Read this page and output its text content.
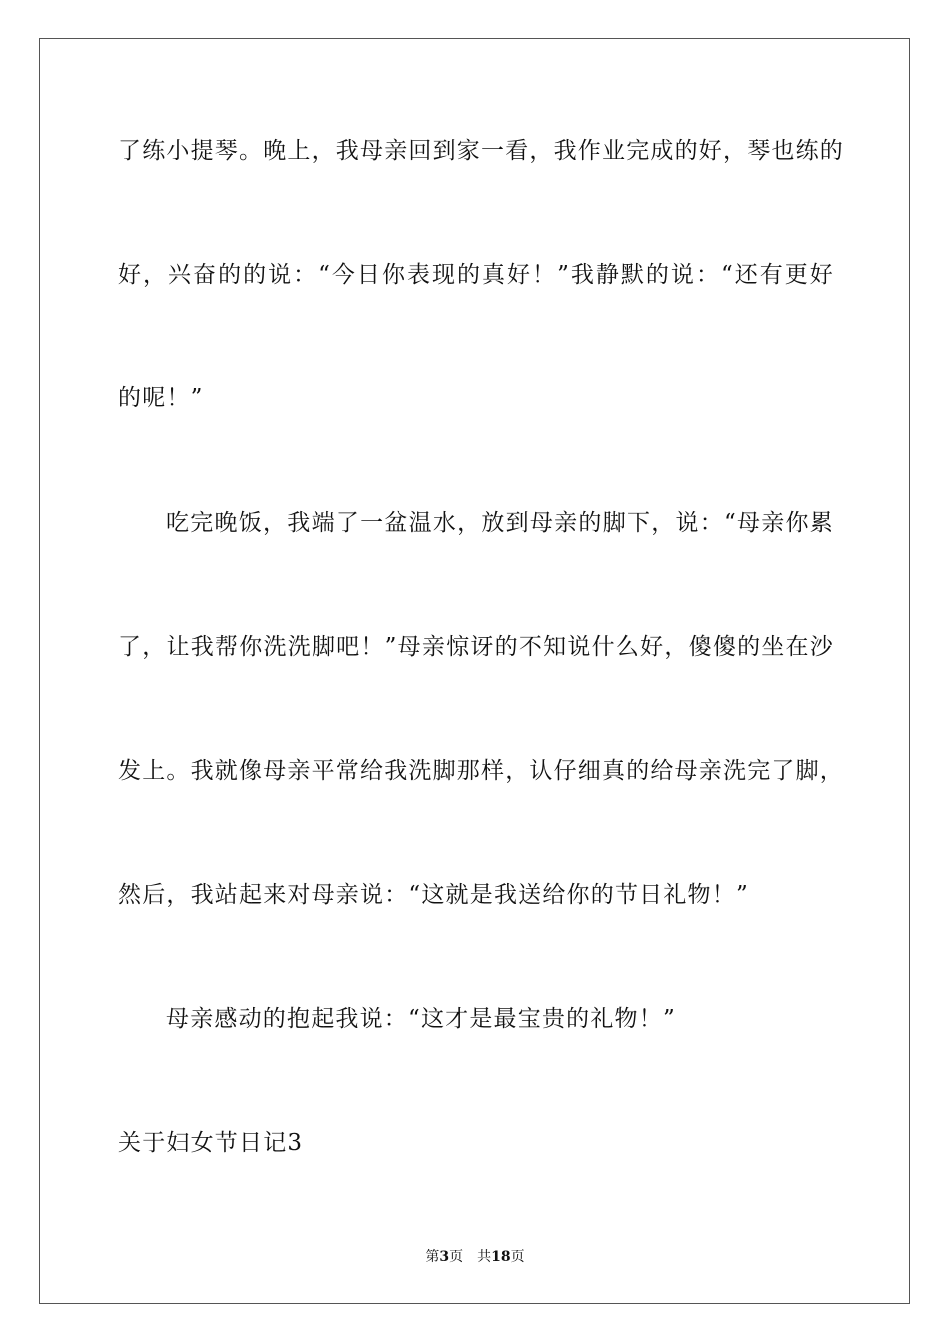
了练小提琴。晚上，我母亲回到家一看，我作业完成的好，琴也练的
好，兴奋的的说：“今日你表现的真好！”我静默的说：“还有更好
的呢！”
吃完晚饭，我端了一盆温水，放到母亲的脚下，说：“母亲你累
了，让我帮你洗洗脚吧！”母亲惊讶的不知说什么好，傻傻的坐在沙
发上。我就像母亲平常给我洗脚那样，认仔细真的给母亲洗完了脚，
然后，我站起来对母亲说：“这就是我送给你的节日礼物！”
母亲感动的抱起我说：“这才是最宝贵的礼物！”
关于妇女节日记3
第3页 共18页
